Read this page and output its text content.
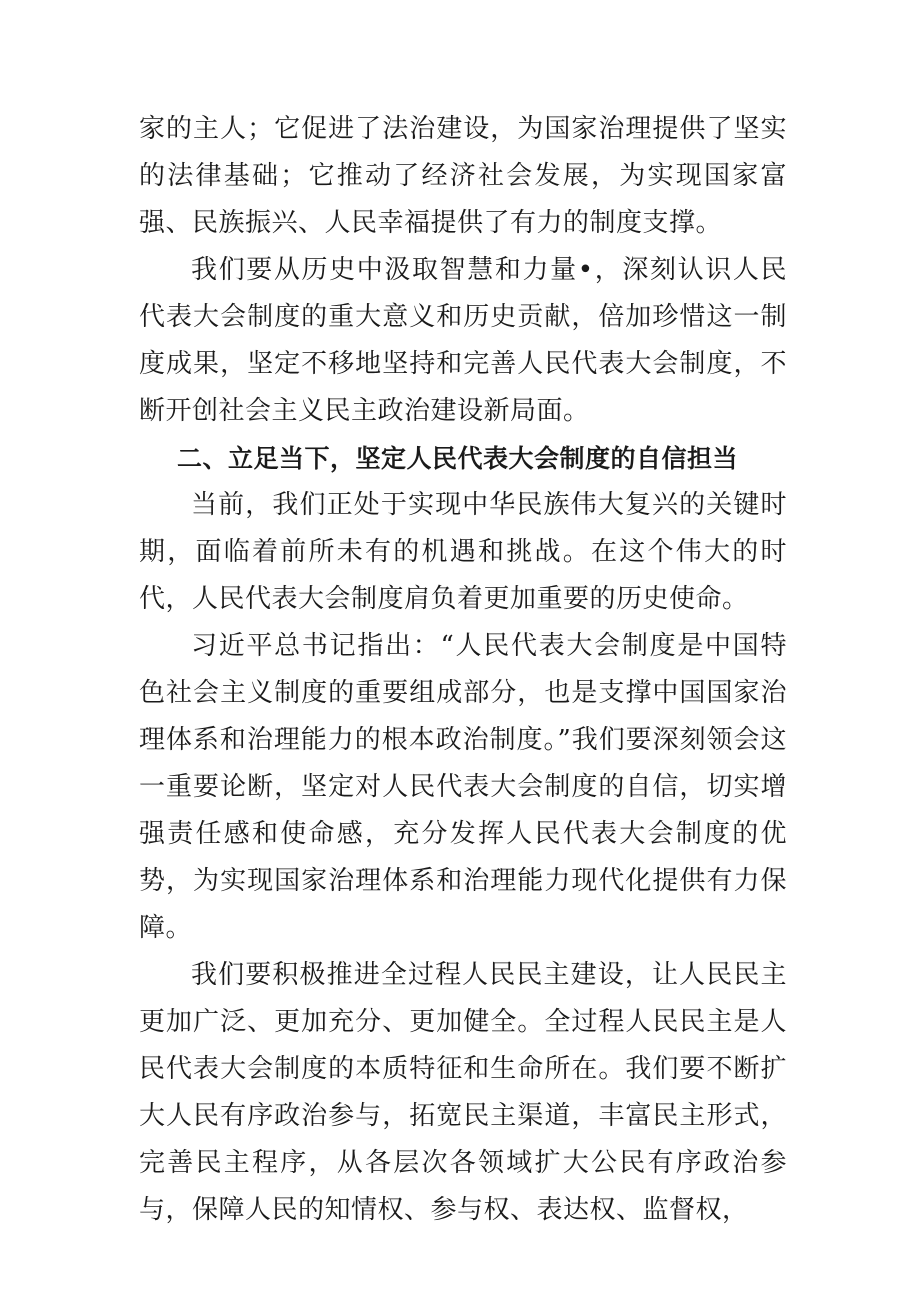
家的主人；它促进了法治建设，为国家治理提供了坚实的法律基础；它推动了经济社会发展，为实现国家富强、民族振兴、人民幸福提供了有力的制度支撑。

我们要从历史中汲取智慧和力量•，深刻认识人民代表大会制度的重大意义和历史贡献，倍加珍惜这一制度成果，坚定不移地坚持和完善人民代表大会制度，不断开创社会主义民主政治建设新局面。

二、立足当下，坚定人民代表大会制度的自信担当

当前，我们正处于实现中华民族伟大复兴的关键时期，面临着前所未有的机遇和挑战。在这个伟大的时代，人民代表大会制度肩负着更加重要的历史使命。

习近平总书记指出：“人民代表大会制度是中国特色社会主义制度的重要组成部分，也是支撑中国国家治理体系和治理能力的根本政治制度。”我们要深刻领会这一重要论断，坚定对人民代表大会制度的自信，切实增强责任感和使命感，充分发挥人民代表大会制度的优势，为实现国家治理体系和治理能力现代化提供有力保障。

我们要积极推进全过程人民民主建设，让人民民主更加广泛、更加充分、更加健全。全过程人民民主是人民代表大会制度的本质特征和生命所在。我们要不断扩大人民有序政治参与，拓宽民主渠道，丰富民主形式，完善民主程序，从各层次各领域扩大公民有序政治参与，保障人民的知情权、参与权、表达权、监督权，
